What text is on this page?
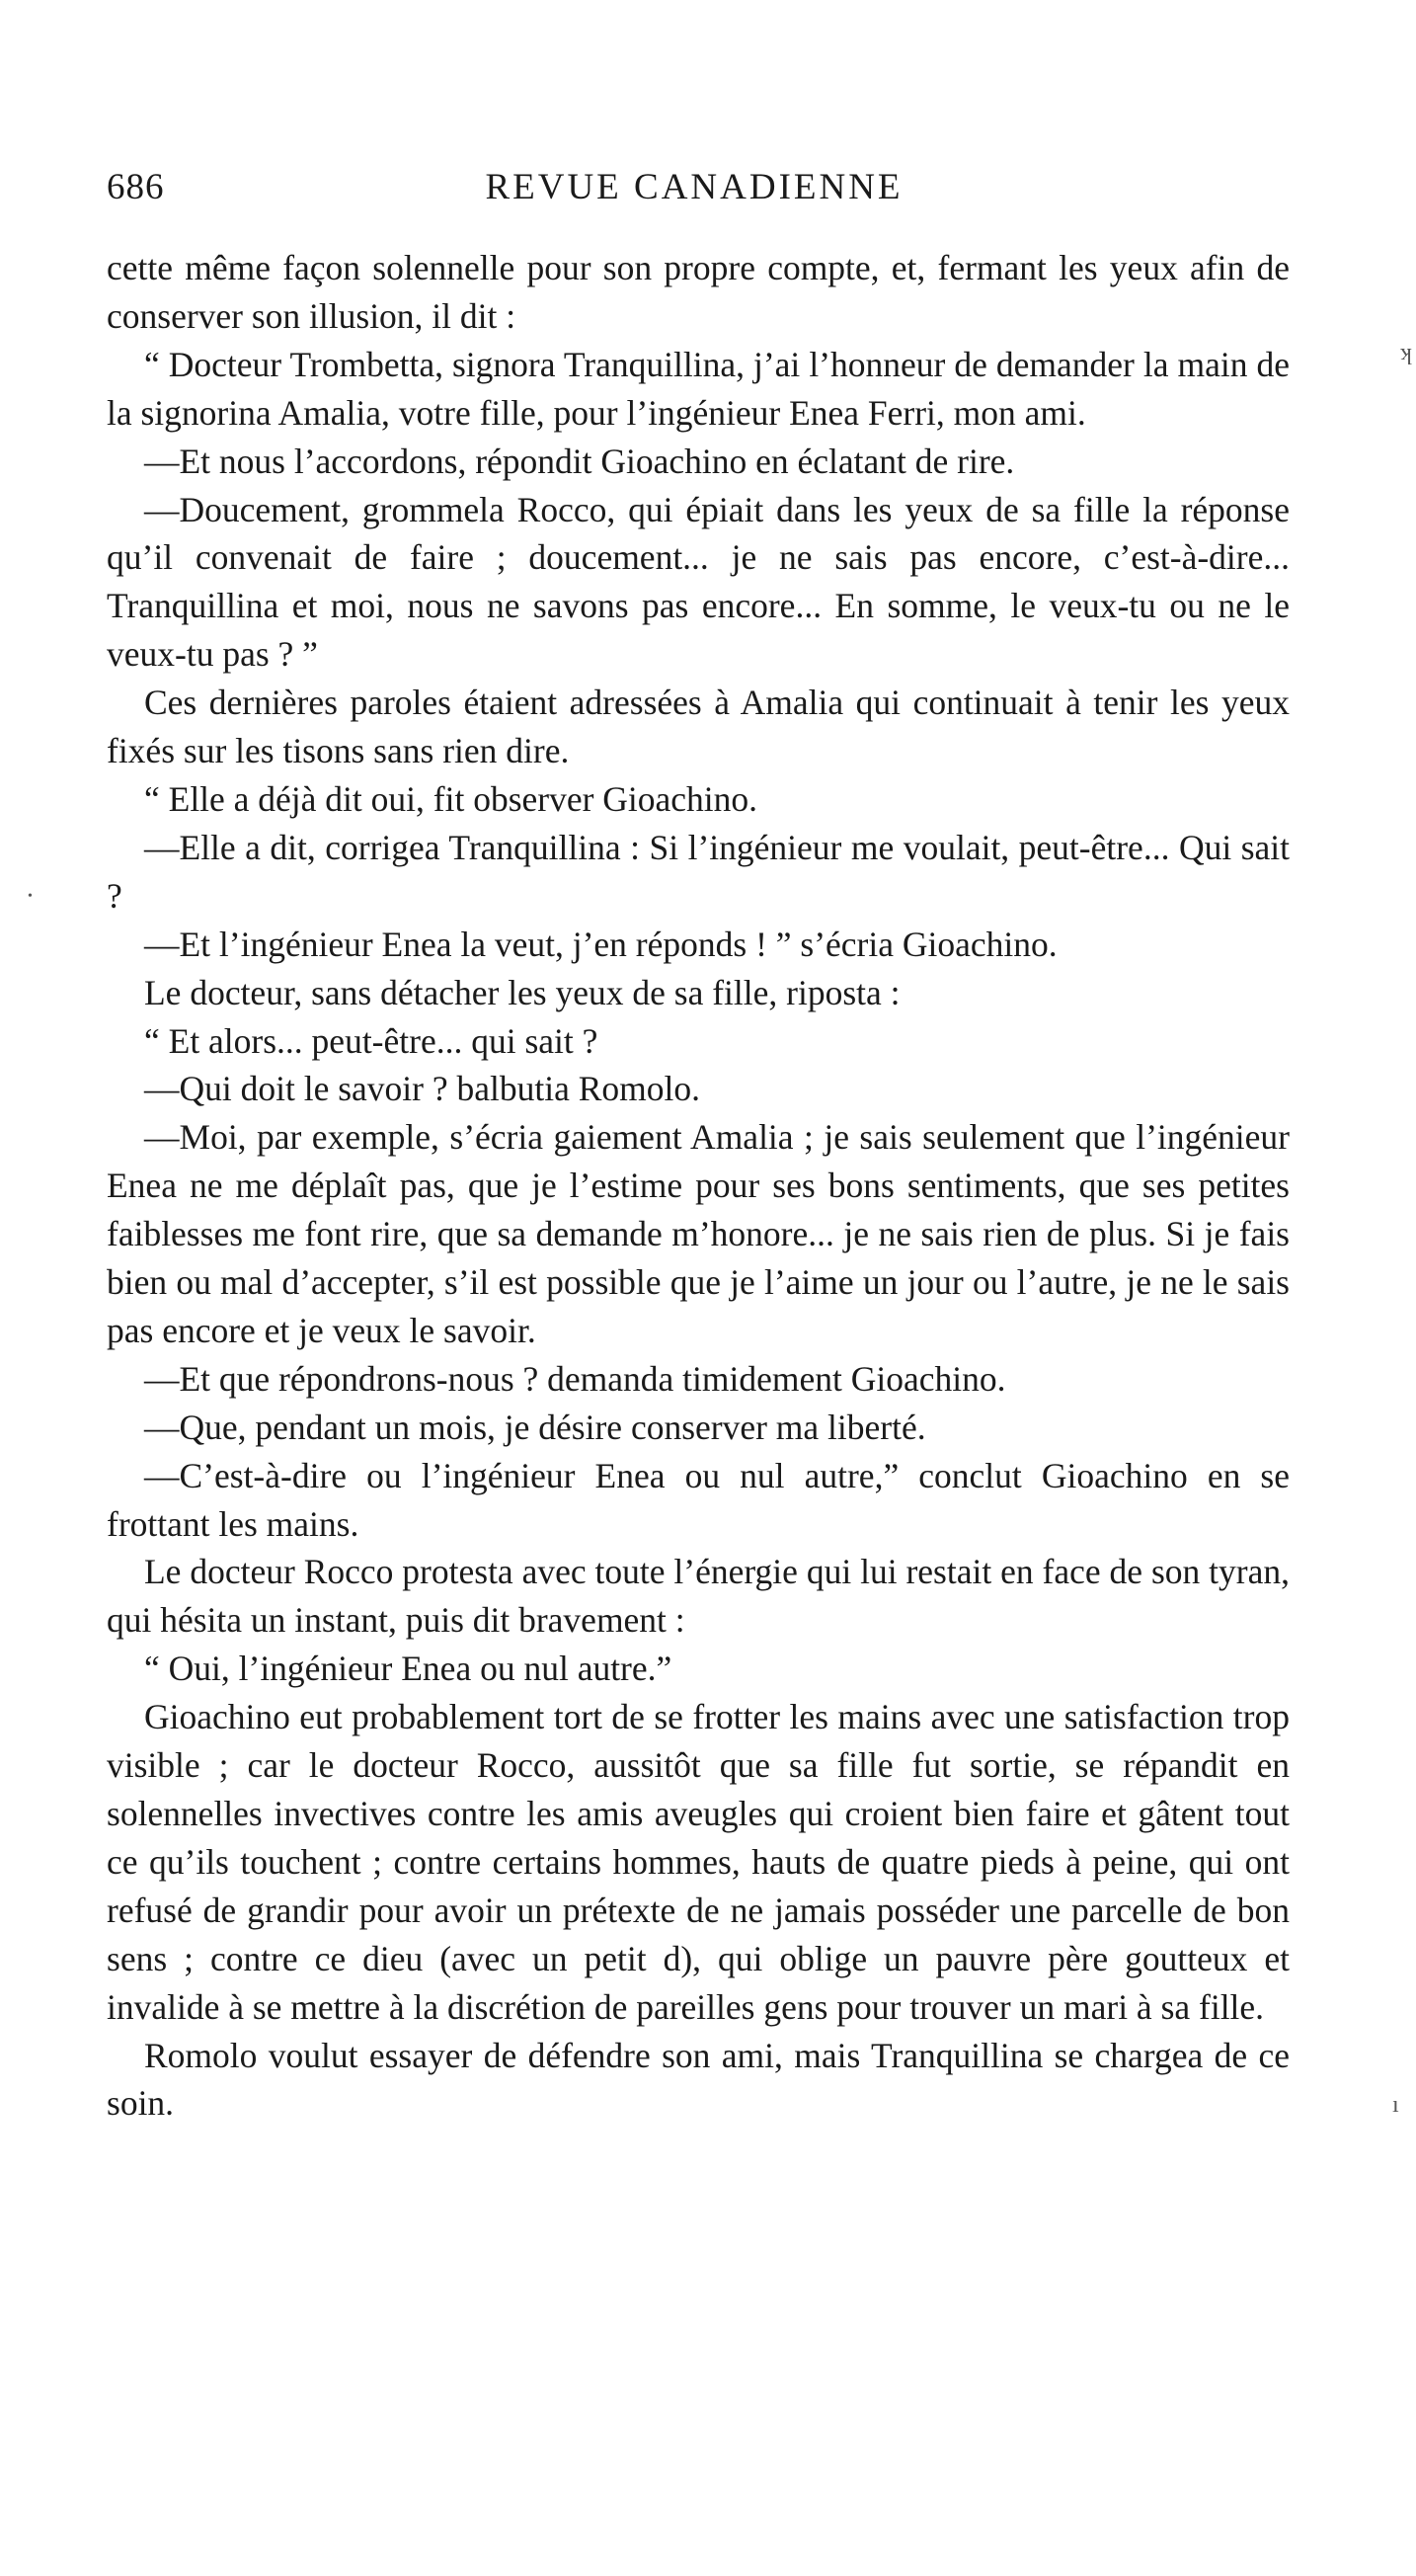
686	REVUE CANADIENNE

cette même façon solennelle pour son propre compte, et, fermant les yeux afin de conserver son illusion, il dit :

“ Docteur Trombetta, signora Tranquillina, j’ai l’honneur de demander la main de la signorina Amalia, votre fille, pour l’ingénieur Enea Ferri, mon ami.

—Et nous l’accordons, répondit Gioachino en éclatant de rire.

—Doucement, grommela Rocco, qui épiait dans les yeux de sa fille la réponse qu’il convenait de faire ; doucement... je ne sais pas encore, c’est-à-dire... Tranquillina et moi, nous ne savons pas encore... En somme, le veux-tu ou ne le veux-tu pas ? ”

Ces dernières paroles étaient adressées à Amalia qui continuait à tenir les yeux fixés sur les tisons sans rien dire.

“ Elle a déjà dit oui, fit observer Gioachino.

—Elle a dit, corrigea Tranquillina : Si l’ingénieur me voulait, peut-être... Qui sait ?

—Et l’ingénieur Enea la veut, j’en réponds ! ” s’écria Gioachino.

Le docteur, sans détacher les yeux de sa fille, riposta :

“ Et alors... peut-être... qui sait ?

—Qui doit le savoir ? balbutia Romolo.

—Moi, par exemple, s’écria gaiement Amalia ; je sais seulement que l’ingénieur Enea ne me déplaît pas, que je l’estime pour ses bons sentiments, que ses petites faiblesses me font rire, que sa demande m’honore... je ne sais rien de plus. Si je fais bien ou mal d’accepter, s’il est possible que je l’aime un jour ou l’autre, je ne le sais pas encore et je veux le savoir.

—Et que répondrons-nous ? demanda timidement Gioachino.

—Que, pendant un mois, je désire conserver ma liberté.

—C’est-à-dire ou l’ingénieur Enea ou nul autre,” conclut Gioachino en se frottant les mains.

Le docteur Rocco protesta avec toute l’énergie qui lui restait en face de son tyran, qui hésita un instant, puis dit bravement :

“ Oui, l’ingénieur Enea ou nul autre.”

Gioachino eut probablement tort de se frotter les mains avec une satisfaction trop visible ; car le docteur Rocco, aussitôt que sa fille fut sortie, se répandit en solennelles invectives contre les amis aveugles qui croient bien faire et gâtent tout ce qu’ils touchent ; contre certains hommes, hauts de quatre pieds à peine, qui ont refusé de grandir pour avoir un prétexte de ne jamais posséder une parcelle de bon sens ; contre ce dieu (avec un petit d), qui oblige un pauvre père goutteux et invalide à se mettre à la discrétion de pareilles gens pour trouver un mari à sa fille.

Romolo voulut essayer de défendre son ami, mais Tranquillina se chargea de ce soin.

ʞ
•
ı
